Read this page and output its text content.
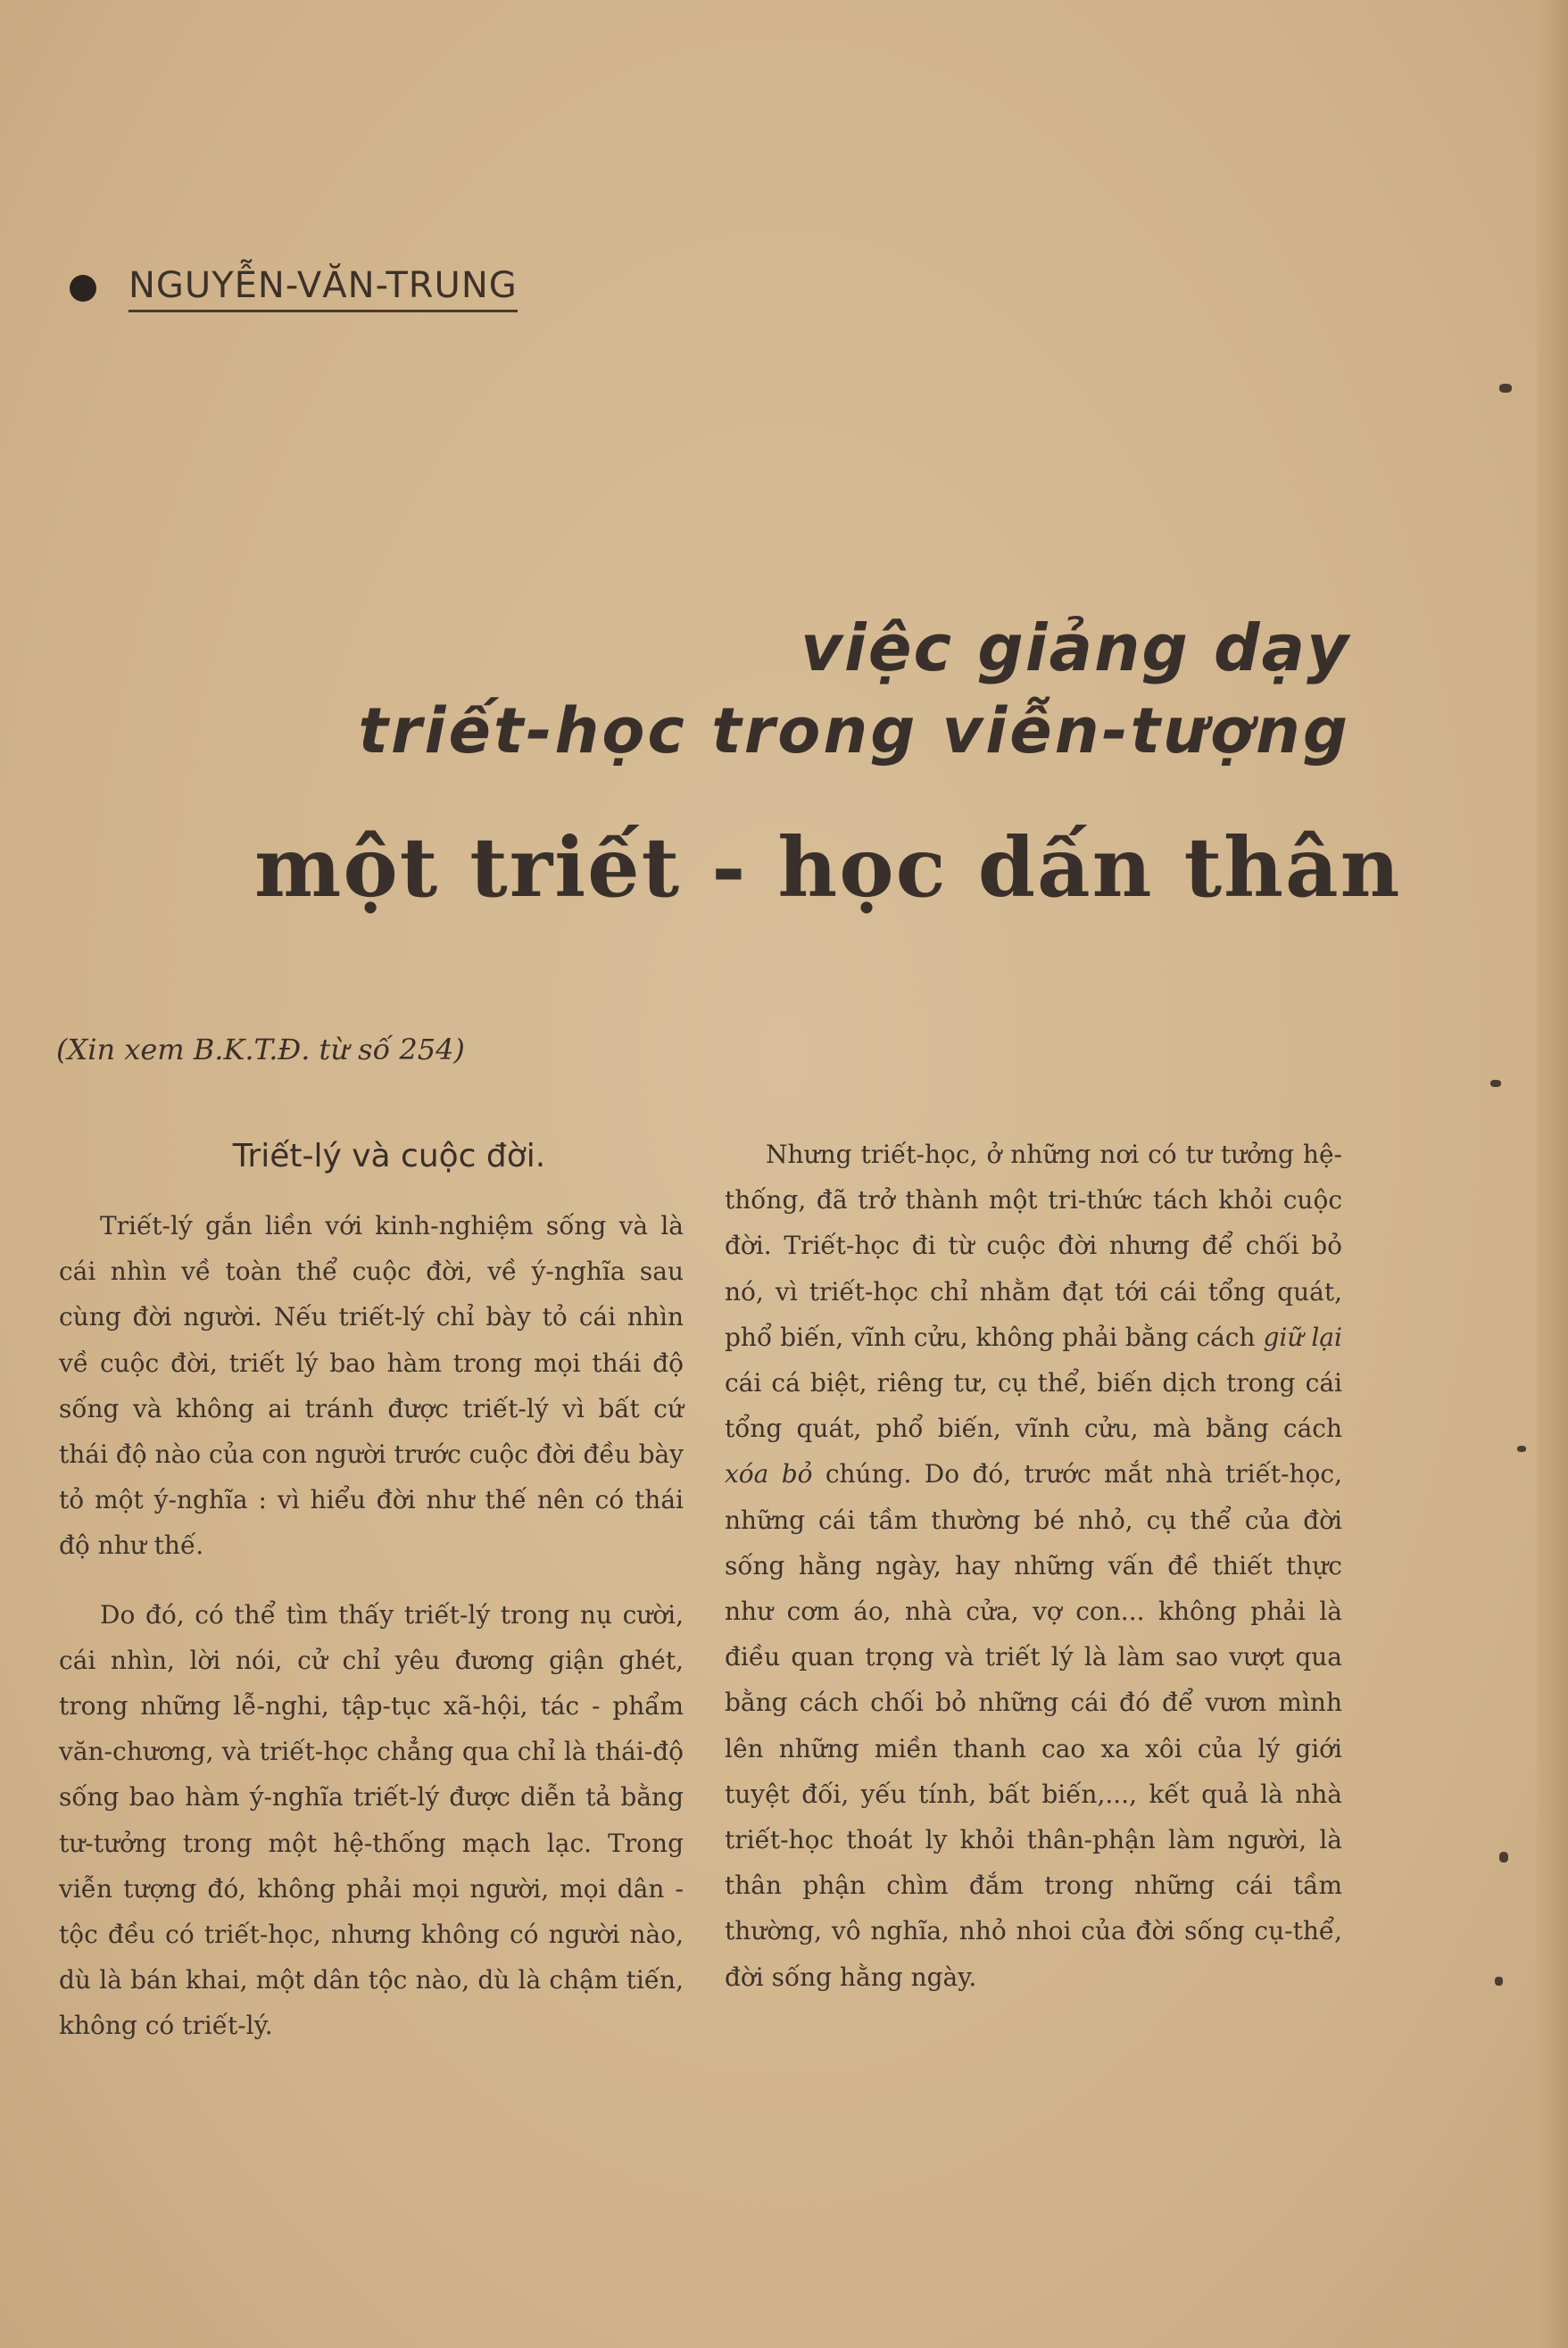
NGUYỄN-VĂN-TRUNG
việc giảng dạy
triết-học trong viễn-tượng
một triết - học dấn thân
(Xin xem B.K.T.Đ. từ số 254)
Triết-lý và cuộc đời.

Triết-lý gắn liền với kinh-nghiệm sống và là cái nhìn về toàn thể cuộc đời, về ý-nghĩa sau cùng đời người. Nếu triết-lý chỉ bày tỏ cái nhìn về cuộc đời, triết lý bao hàm trong mọi thái độ sống và không ai tránh được triết-lý vì bất cứ thái độ nào của con người trước cuộc đời đều bày tỏ một ý-nghĩa : vì hiểu đời như thế nên có thái độ như thế.

Do đó, có thể tìm thấy triết-lý trong nụ cười, cái nhìn, lời nói, cử chỉ yêu đương giận ghét, trong những lễ-nghi, tập-tục xã-hội, tác - phẩm văn-chương, và triết-học chẳng qua chỉ là thái-độ sống bao hàm ý-nghĩa triết-lý được diễn tả bằng tư-tưởng trong một hệ-thống mạch lạc. Trong viễn tượng đó, không phải mọi người, mọi dân - tộc đều có triết-học, nhưng không có người nào, dù là bán khai, một dân tộc nào, dù là chậm tiến, không có triết-lý.

Nhưng triết-học, ở những nơi có tư tưởng hệ-thống, đã trở thành một tri-thức tách khỏi cuộc đời. Triết-học đi từ cuộc đời nhưng để chối bỏ nó, vì triết-học chỉ nhằm đạt tới cái tổng quát, phổ biến, vĩnh cửu, không phải bằng cách giữ lại cái cá biệt, riêng tư, cụ thể, biến dịch trong cái tổng quát, phổ biến, vĩnh cửu, mà bằng cách xóa bỏ chúng. Do đó, trước mắt nhà triết-học, những cái tầm thường bé nhỏ, cụ thể của đời sống hằng ngày, hay những vấn đề thiết thực như cơm áo, nhà cửa, vợ con... không phải là điều quan trọng và triết lý là làm sao vượt qua bằng cách chối bỏ những cái đó để vươn mình lên những miền thanh cao xa xôi của lý giới tuyệt đối, yếu tính, bất biến,..., kết quả là nhà triết-học thoát ly khỏi thân-phận làm người, là thân phận chìm đắm trong những cái tầm thường, vô nghĩa, nhỏ nhoi của đời sống cụ-thể, đời sống hằng ngày.
